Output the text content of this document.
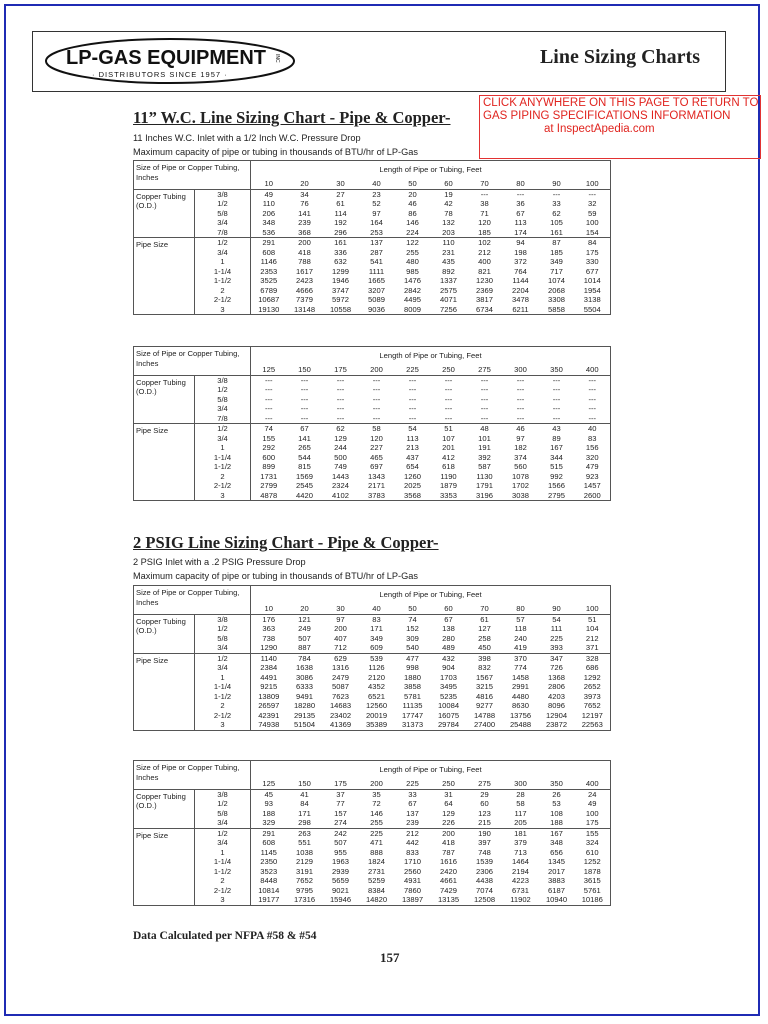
LP-GAS EQUIPMENT INC
· DISTRIBUTORS SINCE 1957 ·
Line Sizing Charts
CLICK ANYWHERE ON THIS PAGE TO RETURN TO
GAS PIPING SPECIFICATIONS INFORMATION
at InspectApedia.com
11” W.C. Line Sizing Chart - Pipe & Copper-
11 Inches W.C. Inlet with a 1/2 Inch W.C. Pressure Drop
Maximum capacity of pipe or tubing in thousands of BTU/hr of LP-Gas
Size of Pipe or Copper Tubing, Inches		Length of Pipe or Tubing, Feet									
		10	20	30	40	50	60	70	80	90	100
Copper Tubing (O.D.)	3/8	49	34	27	23	20	19	---	---	---	---
	1/2	110	76	61	52	46	42	38	36	33	32
	5/8	206	141	114	97	86	78	71	67	62	59
	3/4	348	239	192	164	146	132	120	113	105	100
	7/8	536	368	296	253	224	203	185	174	161	154
Pipe Size	1/2	291	200	161	137	122	110	102	94	87	84
	3/4	608	418	336	287	255	231	212	198	185	175
	1	1146	788	632	541	480	435	400	372	349	330
	1-1/4	2353	1617	1299	1111	985	892	821	764	717	677
	1-1/2	3525	2423	1946	1665	1476	1337	1230	1144	1074	1014
	2	6789	4666	3747	3207	2842	2575	2369	2204	2068	1954
	2-1/2	10687	7379	5972	5089	4495	4071	3817	3478	3308	3138
	3	19130	13148	10558	9036	8009	7256	6734	6211	5858	5504
Size of Pipe or Copper Tubing, Inches		Length of Pipe or Tubing, Feet									
		125	150	175	200	225	250	275	300	350	400
Copper Tubing (O.D.)	3/8	---	---	---	---	---	---	---	---	---	---
	1/2	---	---	---	---	---	---	---	---	---	---
	5/8	---	---	---	---	---	---	---	---	---	---
	3/4	---	---	---	---	---	---	---	---	---	---
	7/8	---	---	---	---	---	---	---	---	---	---
Pipe Size	1/2	74	67	62	58	54	51	48	46	43	40
	3/4	155	141	129	120	113	107	101	97	89	83
	1	292	265	244	227	213	201	191	182	167	156
	1-1/4	600	544	500	465	437	412	392	374	344	320
	1-1/2	899	815	749	697	654	618	587	560	515	479
	2	1731	1569	1443	1343	1260	1190	1130	1078	992	923
	2-1/2	2799	2545	2324	2171	2025	1879	1791	1702	1566	1457
	3	4878	4420	4102	3783	3568	3353	3196	3038	2795	2600
2 PSIG Line Sizing Chart - Pipe & Copper-
2 PSIG Inlet with a .2 PSIG Pressure Drop
Maximum capacity of pipe or tubing in thousands of BTU/hr of LP-Gas
Size of Pipe or Copper Tubing, Inches		Length of Pipe or Tubing, Feet									
		10	20	30	40	50	60	70	80	90	100
Copper Tubing (O.D.)	3/8	176	121	97	83	74	67	61	57	54	51
	1/2	363	249	200	171	152	138	127	118	111	104
	5/8	738	507	407	349	309	280	258	240	225	212
	3/4	1290	887	712	609	540	489	450	419	393	371
Pipe Size	1/2	1140	784	629	539	477	432	398	370	347	328
	3/4	2384	1638	1316	1126	998	904	832	774	726	686
	1	4491	3086	2479	2120	1880	1703	1567	1458	1368	1292
	1-1/4	9215	6333	5087	4352	3858	3495	3215	2991	2806	2652
	1-1/2	13809	9491	7623	6521	5781	5235	4816	4480	4203	3973
	2	26597	18280	14683	12560	11135	10084	9277	8630	8096	7652
	2-1/2	42391	29135	23402	20019	17747	16075	14788	13756	12904	12197
	3	74938	51504	41369	35389	31373	29784	27400	25488	23872	22563
Size of Pipe or Copper Tubing, Inches		Length of Pipe or Tubing, Feet									
		125	150	175	200	225	250	275	300	350	400
Copper Tubing (O.D.)	3/8	45	41	37	35	33	31	29	28	26	24
	1/2	93	84	77	72	67	64	60	58	53	49
	5/8	188	171	157	146	137	129	123	117	108	100
	3/4	329	298	274	255	239	226	215	205	188	175
Pipe Size	1/2	291	263	242	225	212	200	190	181	167	155
	3/4	608	551	507	471	442	418	397	379	348	324
	1	1145	1038	955	888	833	787	748	713	656	610
	1-1/4	2350	2129	1963	1824	1710	1616	1539	1464	1345	1252
	1-1/2	3523	3191	2939	2731	2560	2420	2306	2194	2017	1878
	2	8448	7652	5659	5259	4931	4661	4438	4223	3883	3615
	2-1/2	10814	9795	9021	8384	7860	7429	7074	6731	6187	5761
	3	19177	17316	15946	14820	13897	13135	12508	11902	10940	10186
Data Calculated per NFPA #58 & #54
157
